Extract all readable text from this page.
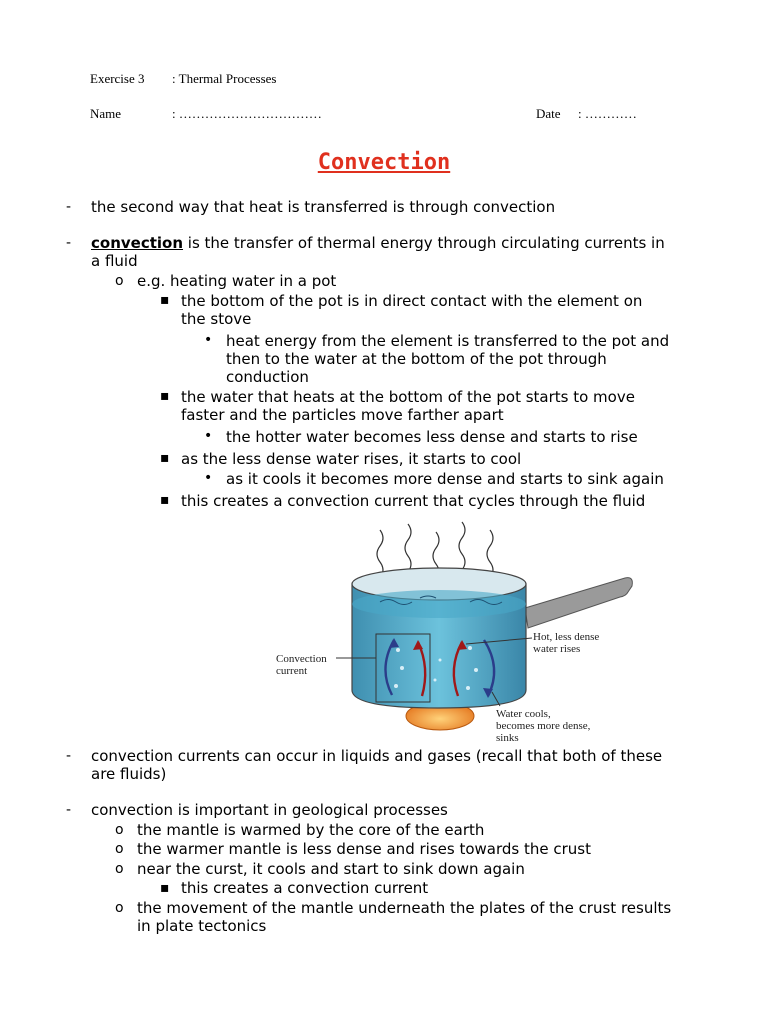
Exercise 3 : Thermal Processes
Name	: ……………………………	Date : …………
Convection
- the second way that heat is transferred is through convection
- convection is the transfer of thermal energy through circulating currents in
a fluid
o e.g. heating water in a pot
▪ the bottom of the pot is in direct contact with the element on
the stove
• heat energy from the element is transferred to the pot and
then to the water at the bottom of the pot through
conduction
▪ the water that heats at the bottom of the pot starts to move
faster and the particles move farther apart
• the hotter water becomes less dense and starts to rise
▪ as the less dense water rises, it starts to cool
• as it cools it becomes more dense and starts to sink again
▪ this creates a convection current that cycles through the fluid
Convection
current
Hot, less dense
water rises
Water cools,
becomes more dense,
sinks
- convection currents can occur in liquids and gases (recall that both of these
are fluids)
- convection is important in geological processes
o the mantle is warmed by the core of the earth
o the warmer mantle is less dense and rises towards the crust
o near the curst, it cools and start to sink down again
▪ this creates a convection current
o the movement of the mantle underneath the plates of the crust results
in plate tectonics
